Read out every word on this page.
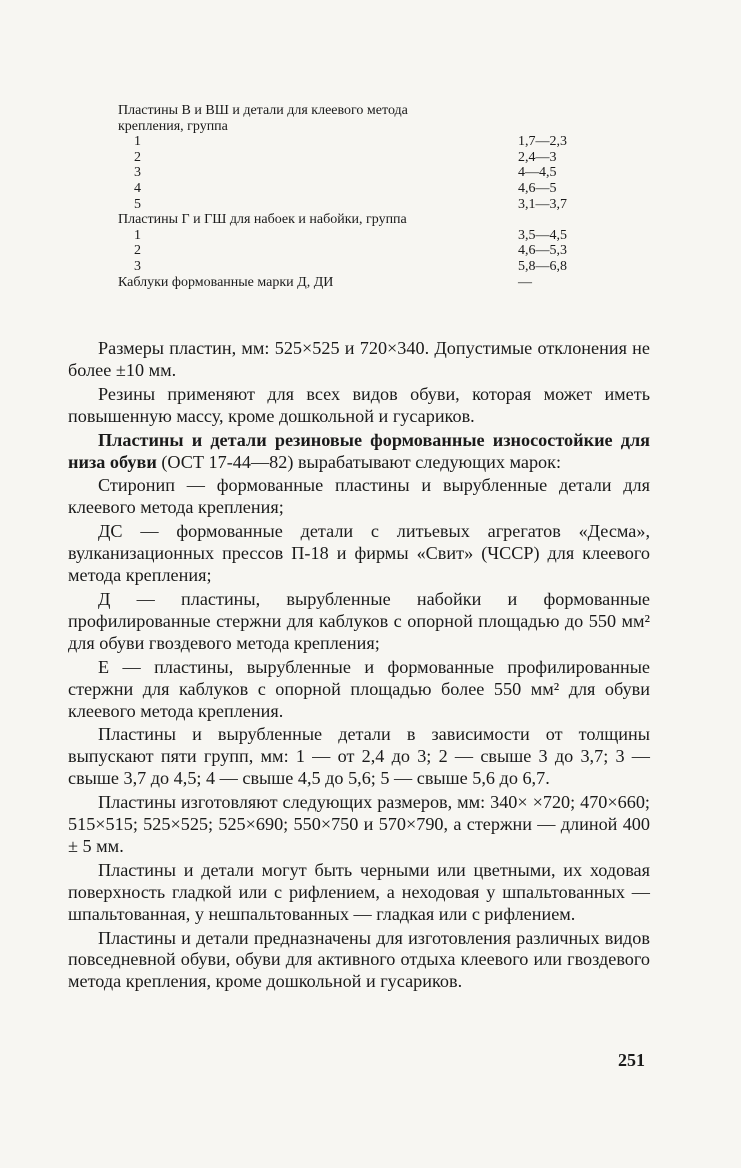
Пластины В и ВШ и детали для клеевого метода
крепления, группа
1	1,7—2,3
2	2,4—3
3	4—4,5
4	4,6—5
5	3,1—3,7
Пластины Г и ГШ для набоек и набойки, группа
1	3,5—4,5
2	4,6—5,3
3	5,8—6,8
Каблуки формованные марки Д, ДИ	—

Размеры пластин, мм: 525×525 и 720×340. Допустимые отклонения не более ±10 мм.

Резины применяют для всех видов обуви, которая может иметь повышенную массу, кроме дошкольной и гусариков.

Пластины и детали резиновые формованные износостойкие для низа обуви (ОСТ 17-44—82) вырабатывают следующих марок:

Стиронип — формованные пластины и вырубленные детали для клеевого метода крепления;

ДС — формованные детали с литьевых агрегатов «Десма», вулканизационных прессов П-18 и фирмы «Свит» (ЧССР) для клеевого метода крепления;

Д — пластины, вырубленные набойки и формованные профилированные стержни для каблуков с опорной площадью до 550 мм² для обуви гвоздевого метода крепления;

Е — пластины, вырубленные и формованные профилированные стержни для каблуков с опорной площадью более 550 мм² для обуви клеевого метода крепления.

Пластины и вырубленные детали в зависимости от толщины выпускают пяти групп, мм: 1 — от 2,4 до 3; 2 — свыше 3 до 3,7; 3 — свыше 3,7 до 4,5; 4 — свыше 4,5 до 5,6; 5 — свыше 5,6 до 6,7.

Пластины изготовляют следующих размеров, мм: 340× ×720; 470×660; 515×515; 525×525; 525×690; 550×750 и 570×790, а стержни — длиной 400 ± 5 мм.

Пластины и детали могут быть черными или цветными, их ходовая поверхность гладкой или с рифлением, а неходовая у шпальтованных — шпальтованная, у нешпальтованных — гладкая или с рифлением.

Пластины и детали предназначены для изготовления различных видов повседневной обуви, обуви для активного отдыха клеевого или гвоздевого метода крепления, кроме дошкольной и гусариков.

251
